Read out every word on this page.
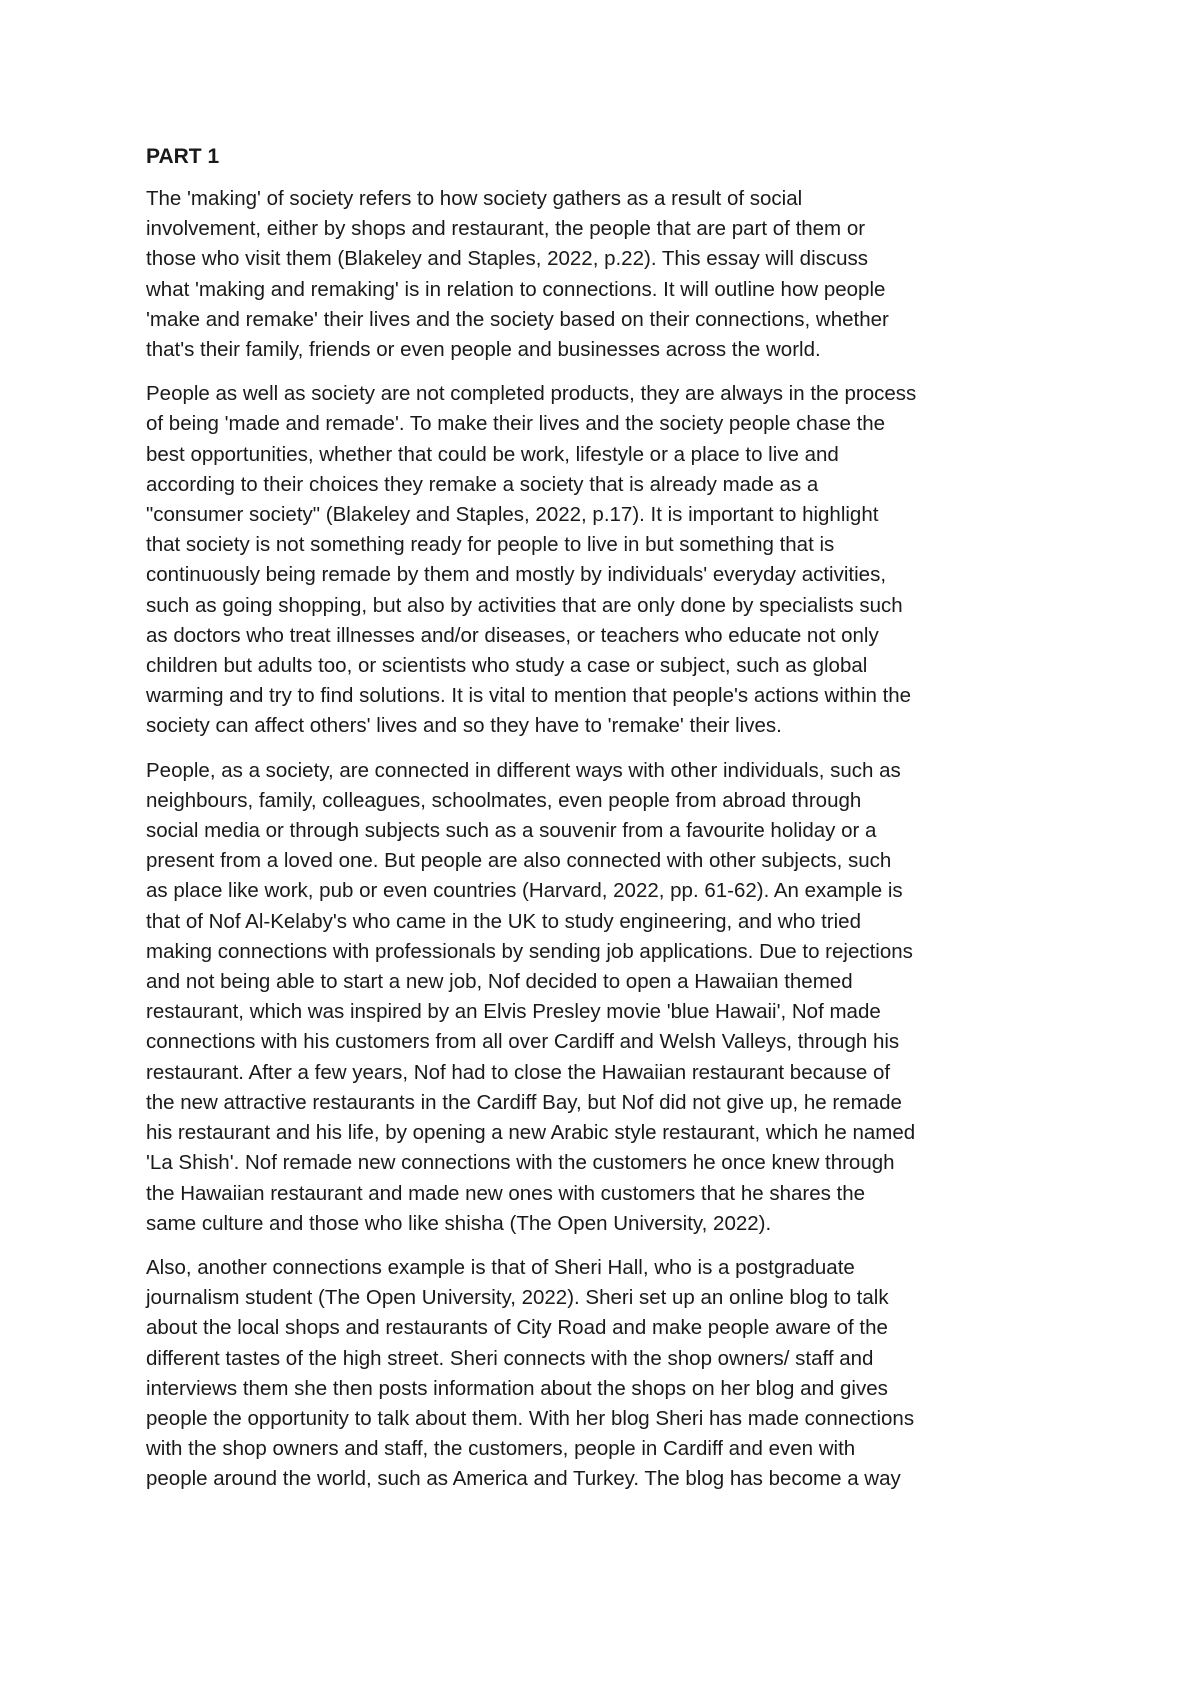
PART 1
The 'making' of society refers to how society gathers as a result of social
involvement, either by shops and restaurant, the people that are part of them or
those who visit them (Blakeley and Staples, 2022, p.22). This essay will discuss
what 'making and remaking' is in relation to connections. It will outline how people
'make and remake' their lives and the society based on their connections, whether
that's their family, friends or even people and businesses across the world.
People as well as society are not completed products, they are always in the process
of being 'made and remade'. To make their lives and the society people chase the
best opportunities, whether that could be work, lifestyle or a place to live and
according to their choices they remake a society that is already made as a
"consumer society" (Blakeley and Staples, 2022, p.17). It is important to highlight
that society is not something ready for people to live in but something that is
continuously being remade by them and mostly by individuals' everyday activities,
such as going shopping, but also by activities that are only done by specialists such
as doctors who treat illnesses and/or diseases, or teachers who educate not only
children but adults too, or scientists who study a case or subject, such as global
warming and try to find solutions. It is vital to mention that people's actions within the
society can affect others' lives and so they have to 'remake' their lives.
People, as a society, are connected in different ways with other individuals, such as
neighbours, family, colleagues, schoolmates, even people from abroad through
social media or through subjects such as a souvenir from a favourite holiday or a
present from a loved one. But people are also connected with other subjects, such
as place like work, pub or even countries (Harvard, 2022, pp. 61-62). An example is
that of Nof Al-Kelaby's who came in the UK to study engineering, and who tried
making connections with professionals by sending job applications. Due to rejections
and not being able to start a new job, Nof decided to open a Hawaiian themed
restaurant, which was inspired by an Elvis Presley movie 'blue Hawaii', Nof made
connections with his customers from all over Cardiff and Welsh Valleys, through his
restaurant. After a few years, Nof had to close the Hawaiian restaurant because of
the new attractive restaurants in the Cardiff Bay, but Nof did not give up, he remade
his restaurant and his life, by opening a new Arabic style restaurant, which he named
'La Shish'. Nof remade new connections with the customers he once knew through
the Hawaiian restaurant and made new ones with customers that he shares the
same culture and those who like shisha (The Open University, 2022).
Also, another connections example is that of Sheri Hall, who is a postgraduate
journalism student (The Open University, 2022). Sheri set up an online blog to talk
about the local shops and restaurants of City Road and make people aware of the
different tastes of the high street. Sheri connects with the shop owners/ staff and
interviews them she then posts information about the shops on her blog and gives
people the opportunity to talk about them. With her blog Sheri has made connections
with the shop owners and staff, the customers, people in Cardiff and even with
people around the world, such as America and Turkey. The blog has become a way
